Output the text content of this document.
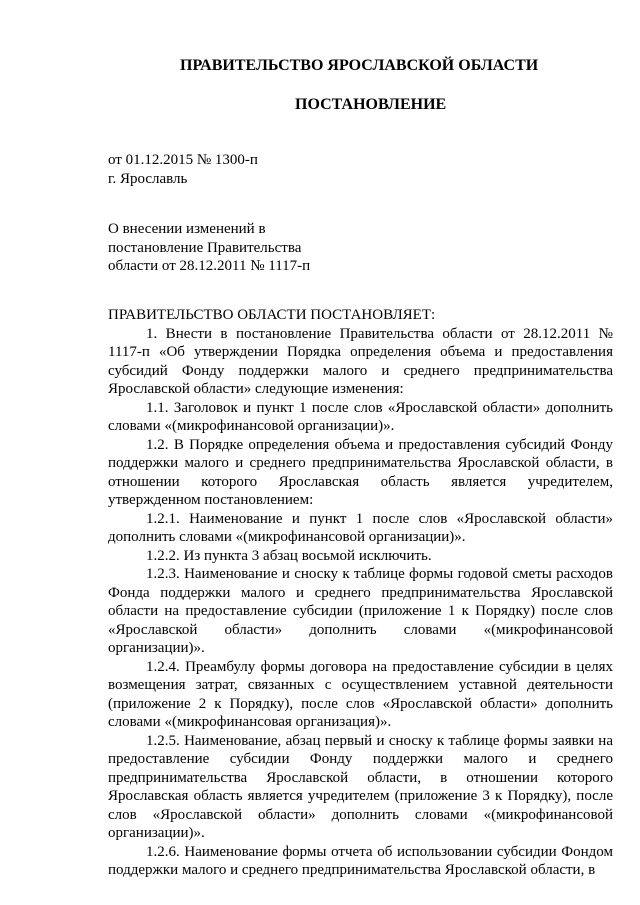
ПРАВИТЕЛЬСТВО ЯРОСЛАВСКОЙ ОБЛАСТИ
ПОСТАНОВЛЕНИЕ
от 01.12.2015 № 1300-п
г. Ярославль
О внесении изменений в
постановление Правительства
области от 28.12.2011 № 1117-п

ПРАВИТЕЛЬСТВО ОБЛАСТИ ПОСТАНОВЛЯЕТ:

1. Внести в постановление Правительства области от 28.12.2011 № 1117-п «Об утверждении Порядка определения объема и предоставления субсидий Фонду поддержки малого и среднего предпринимательства Ярославской области» следующие изменения:

1.1. Заголовок и пункт 1 после слов «Ярославской области» дополнить словами «(микрофинансовой организации)».

1.2. В Порядке определения объема и предоставления субсидий Фонду поддержки малого и среднего предпринимательства Ярославской области, в отношении которого Ярославская область является учредителем, утвержденном постановлением:

1.2.1. Наименование и пункт 1 после слов «Ярославской области» дополнить словами «(микрофинансовой организации)».

1.2.2. Из пункта 3 абзац восьмой исключить.

1.2.3. Наименование и сноску к таблице формы годовой сметы расходов Фонда поддержки малого и среднего предпринимательства Ярославской области на предоставление субсидии (приложение 1 к Порядку) после слов «Ярославской области» дополнить словами «(микрофинансовой организации)».

1.2.4. Преамбулу формы договора на предоставление субсидии в целях возмещения затрат, связанных с осуществлением уставной деятельности (приложение 2 к Порядку), после слов «Ярославской области» дополнить словами «(микрофинансовая организация)».

1.2.5. Наименование, абзац первый и сноску к таблице формы заявки на предоставление субсидии Фонду поддержки малого и среднего предпринимательства Ярославской области, в отношении которого Ярославская область является учредителем (приложение 3 к Порядку), после слов «Ярославской области» дополнить словами «(микрофинансовой организации)».

1.2.6. Наименование формы отчета об использовании субсидии Фондом поддержки малого и среднего предпринимательства Ярославской области, в
